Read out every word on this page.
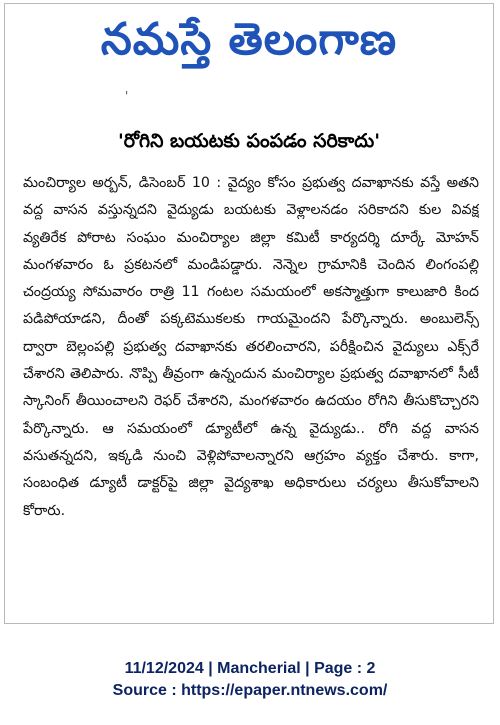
నమస్తే తెలంగాణ
'
'రోగిని బయటకు పంపడం సరికాదు'
మంచిర్యాల అర్బన్, డిసెంబర్ 10 : వైద్యం కోసం ప్రభుత్వ దవాఖానకు వస్తే అతని వద్ద వాసన వస్తున్నదని వైద్యుడు బయటకు వెళ్లాలనడం సరికాదని కుల వివక్ష వ్యతిరేక పోరాట సంఘం మంచిర్యాల జిల్లా కమిటీ కార్యదర్శి దూర్కే మోహన్ మంగళవారం ఓ ప్రకటనలో మండిపడ్డారు. నెన్నెల గ్రామానికి చెందిన లింగంపల్లి చంద్రయ్య సోమవారం రాత్రి 11 గంటల సమయంలో అకస్మాత్తుగా కాలుజారి కింద పడిపోయాడని, దీంతో పక్కటెముకలకు గాయమైందని పేర్కొన్నారు. అంబులెన్స్ ద్వారా బెల్లంపల్లి ప్రభుత్వ దవాఖానకు తరలించారని, పరీక్షించిన వైద్యులు ఎక్స్‌రే చేశారని తెలిపారు. నొప్పి తీవ్రంగా ఉన్నందున మంచిర్యాల ప్రభుత్వ దవాఖానలో సీటీ స్కానింగ్ తీయించాలని రెఫర్ చేశారని, మంగళవారం ఉదయం రోగిని తీసుకొచ్చారని పేర్కొన్నారు. ఆ సమయంలో డ్యూటీలో ఉన్న వైద్యుడు.. రోగి వద్ద వాసన వసుతన్నదని, ఇక్కడి నుంచి వెళ్లిపోవాలన్నారని ఆగ్రహం వ్యక్తం చేశారు. కాగా, సంబంధిత డ్యూటీ డాక్టర్‌పై జిల్లా వైద్యశాఖ అధికారులు చర్యలు తీసుకోవాలని కోరారు.
11/12/2024 | Mancherial | Page : 2
Source : https://epaper.ntnews.com/
